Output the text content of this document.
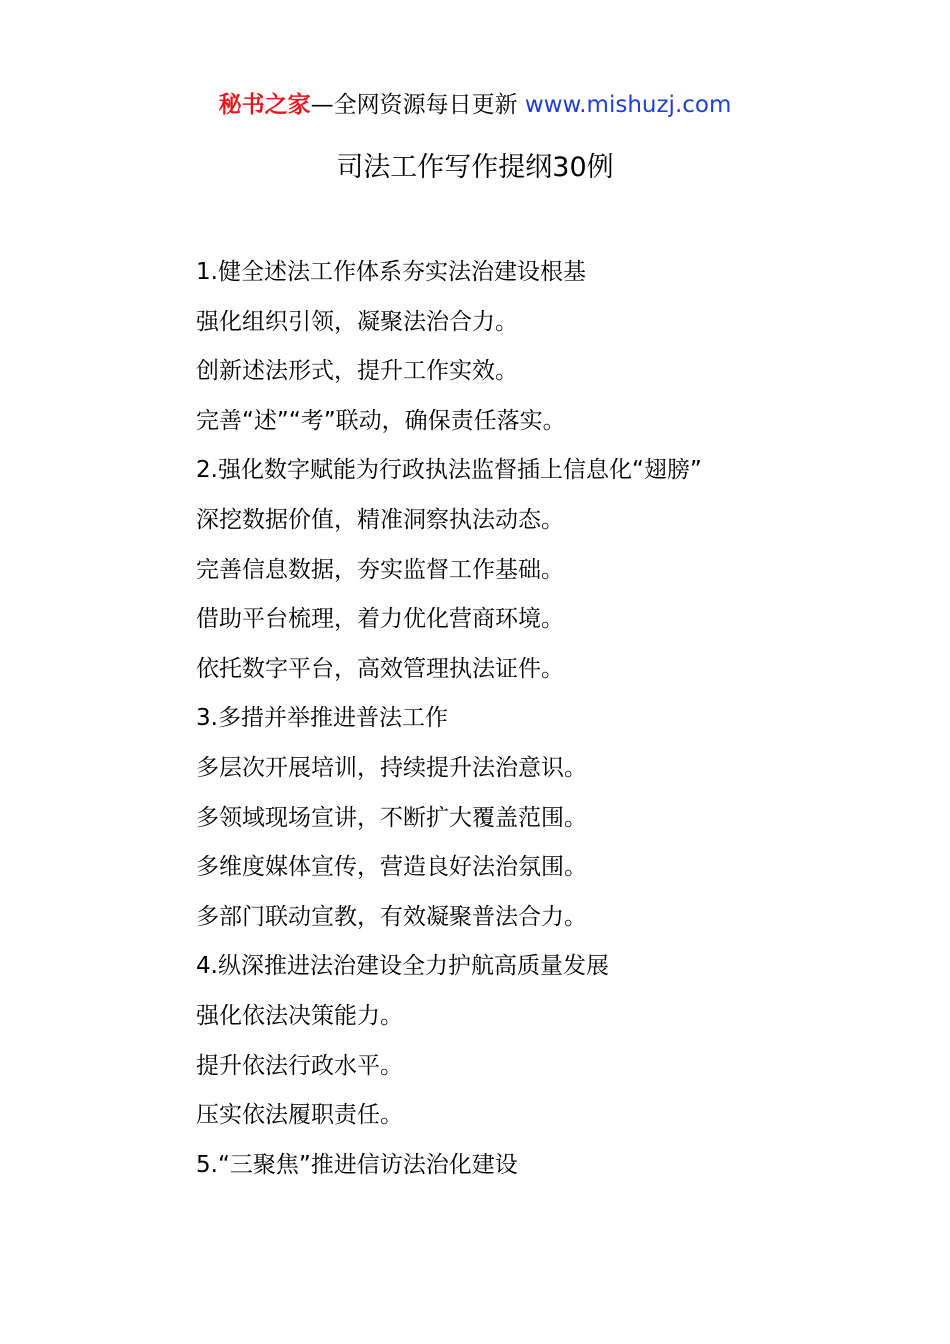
秘书之家—全网资源每日更新 www.mishuzj.com
司法工作写作提纲30例
1.健全述法工作体系夯实法治建设根基
强化组织引领，凝聚法治合力。
创新述法形式，提升工作实效。
完善“述”“考”联动，确保责任落实。
2.强化数字赋能为行政执法监督插上信息化“翅膀”
深挖数据价值，精准洞察执法动态。
完善信息数据，夯实监督工作基础。
借助平台梳理，着力优化营商环境。
依托数字平台，高效管理执法证件。
3.多措并举推进普法工作
多层次开展培训，持续提升法治意识。
多领域现场宣讲，不断扩大覆盖范围。
多维度媒体宣传，营造良好法治氛围。
多部门联动宣教，有效凝聚普法合力。
4.纵深推进法治建设全力护航高质量发展
强化依法决策能力。
提升依法行政水平。
压实依法履职责任。
5.“三聚焦”推进信访法治化建设
